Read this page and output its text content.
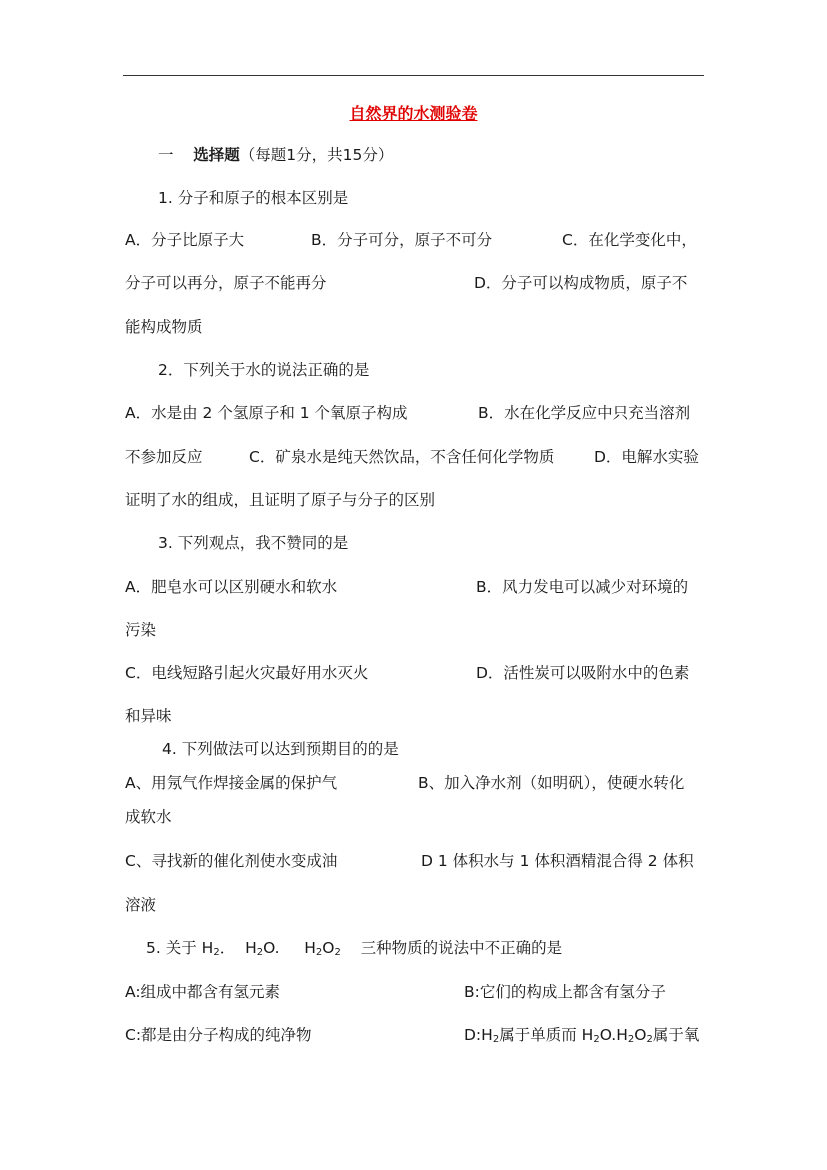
自然界的水测验卷
一 选择题（每题1分，共15分）
1. 分子和原子的根本区别是
A．分子比原子大	B．分子可分，原子不可分	C．在化学变化中，
分子可以再分，原子不能再分	D．分子可以构成物质，原子不
能构成物质
2．下列关于水的说法正确的是
A．水是由 2 个氢原子和 1 个氧原子构成	B．水在化学反应中只充当溶剂
不参加反应	C．矿泉水是纯天然饮品，不含任何化学物质	D．电解水实验
证明了水的组成，且证明了原子与分子的区别
3. 下列观点，我不赞同的是
A．肥皂水可以区别硬水和软水	B．风力发电可以减少对环境的
污染
C．电线短路引起火灾最好用水灭火	D．活性炭可以吸附水中的色素
和异味
4. 下列做法可以达到预期目的的是
A、用氖气作焊接金属的保护气	B、加入净水剂（如明矾），使硬水转化
成软水
C、寻找新的催化剂使水变成油	D 1 体积水与 1 体积酒精混合得 2 体积
溶液
5. 关于 $H_2$． $H_2O$. $H_2O_2$ 三种物质的说法中不正确的是
A:组成中都含有氢元素	B:它们的构成上都含有氢分子
C:都是由分子构成的纯净物	$D:H_2$属于单质而 $H_2O.H_2O_2$属于氧
